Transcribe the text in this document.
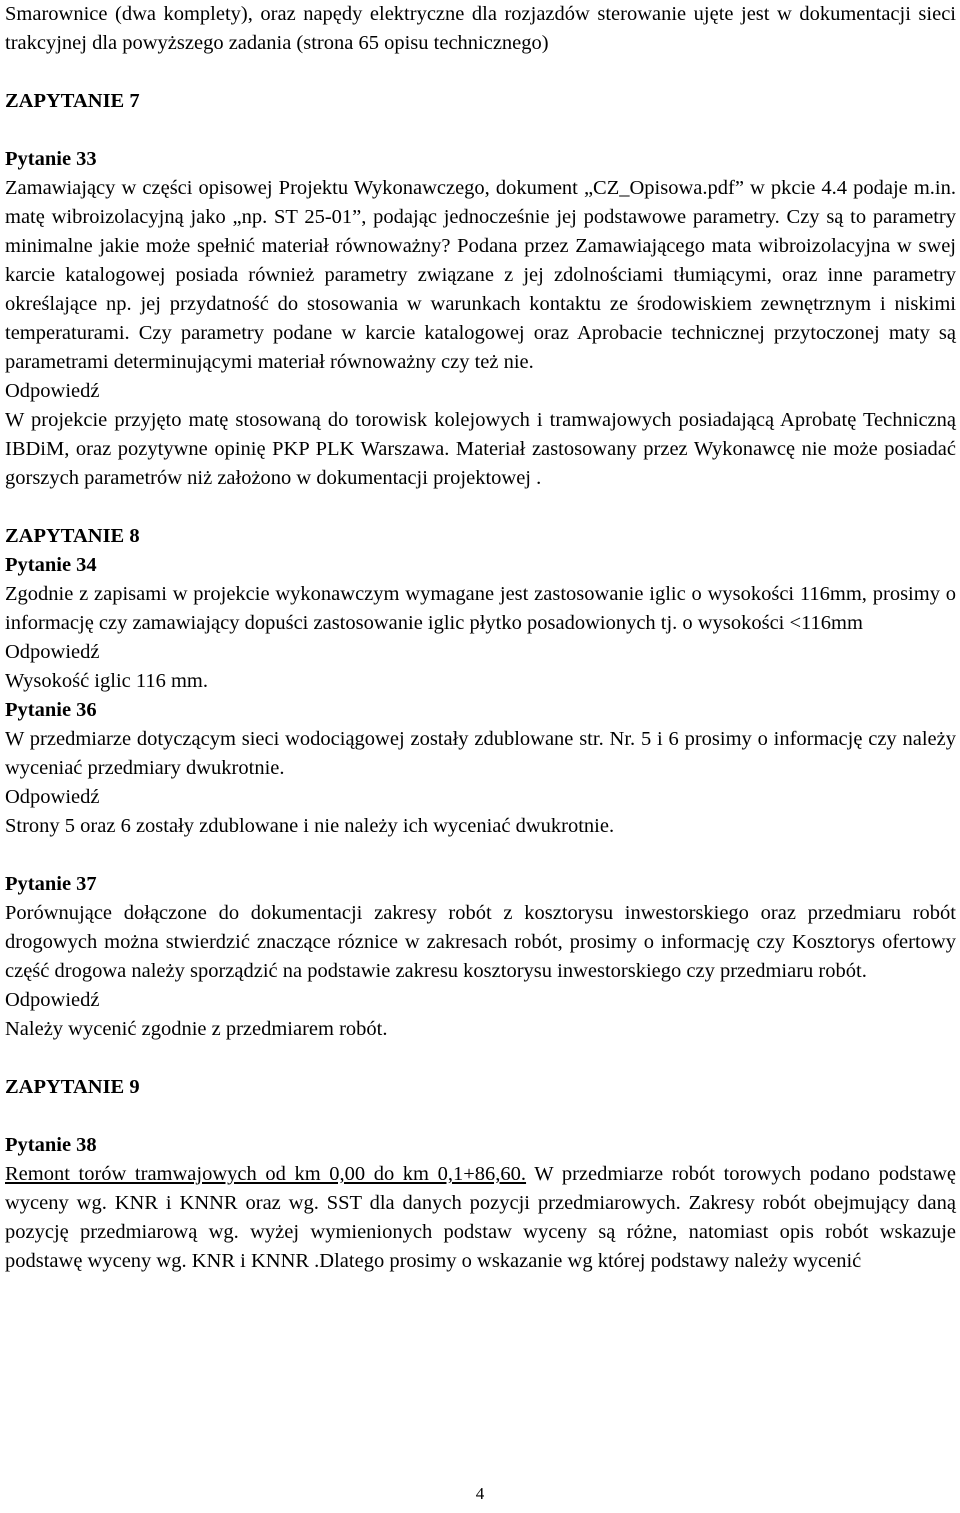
Smarownice (dwa komplety), oraz napędy elektryczne dla rozjazdów sterowanie ujęte jest w dokumentacji sieci trakcyjnej dla powyższego zadania (strona 65 opisu technicznego)

ZAPYTANIE 7

Pytanie 33

Zamawiający w części opisowej Projektu Wykonawczego, dokument „CZ_Opisowa.pdf” w pkcie 4.4 podaje m.in. matę wibroizolacyjną jako „np. ST 25-01”, podając jednocześnie jej podstawowe parametry. Czy są to parametry minimalne jakie może spełnić materiał równoważny? Podana przez Zamawiającego mata wibroizolacyjna w swej karcie katalogowej posiada również parametry związane z jej zdolnościami tłumiącymi, oraz inne parametry określające np. jej przydatność do stosowania w warunkach kontaktu ze środowiskiem zewnętrznym i niskimi temperaturami. Czy parametry podane w karcie katalogowej oraz Aprobacie technicznej przytoczonej maty są parametrami determinującymi materiał równoważny czy też nie.

Odpowiedź

W projekcie przyjęto matę stosowaną do torowisk kolejowych i tramwajowych posiadającą Aprobatę Techniczną IBDiM, oraz pozytywne opinię PKP PLK Warszawa. Materiał zastosowany przez Wykonawcę nie może posiadać gorszych parametrów niż założono w dokumentacji projektowej .

ZAPYTANIE 8

Pytanie 34

Zgodnie z zapisami w projekcie wykonawczym wymagane jest zastosowanie iglic o wysokości 116mm, prosimy o informację czy zamawiający dopuści zastosowanie iglic płytko posadowionych tj. o wysokości <116mm

Odpowiedź

Wysokość iglic 116 mm.

Pytanie 36

W przedmiarze dotyczącym sieci wodociągowej zostały zdublowane str. Nr. 5 i 6 prosimy o informację czy należy wyceniać przedmiary dwukrotnie.

Odpowiedź

Strony 5 oraz 6 zostały zdublowane i nie należy ich wyceniać dwukrotnie.

Pytanie 37

Porównujące dołączone do dokumentacji zakresy robót z kosztorysu inwestorskiego oraz przedmiaru robót drogowych można stwierdzić znaczące róznice w zakresach robót, prosimy o informację czy Kosztorys ofertowy część drogowa należy sporządzić na podstawie zakresu kosztorysu inwestorskiego czy przedmiaru robót.

Odpowiedź

Należy wycenić zgodnie z przedmiarem robót.

ZAPYTANIE 9

Pytanie 38

Remont torów tramwajowych od km 0,00 do km 0,1+86,60. W przedmiarze robót torowych podano podstawę wyceny wg. KNR i KNNR oraz wg. SST dla danych pozycji przedmiarowych. Zakresy robót obejmujący daną pozycję przedmiarową wg. wyżej wymienionych podstaw wyceny są różne, natomiast opis robót wskazuje podstawę wyceny wg. KNR i KNNR .Dlatego prosimy o wskazanie wg której podstawy należy wycenić

4
